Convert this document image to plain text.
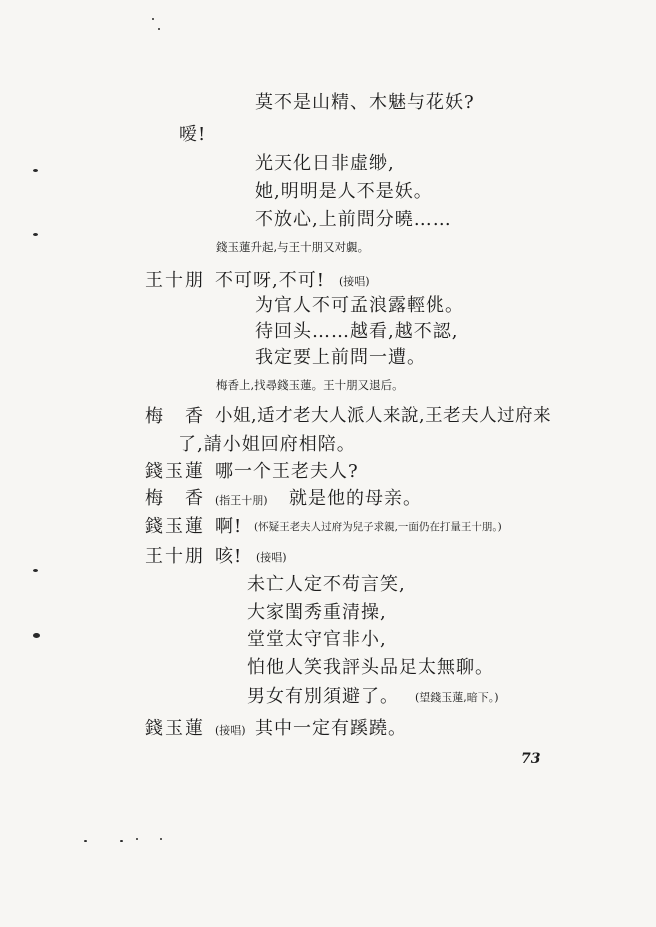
莫不是山精、木魅与花妖?
嗳!
光天化日非虛缈,
她,明明是人不是妖。
不放心,上前問分曉……
錢玉蓮升起,与王十朋又对覷。
王十朋 不可呀,不可! (接唱)
为官人不可孟浪露輕佻。
待回头……越看,越不認,
我定要上前問一遭。
梅香上,找尋錢玉蓮。王十朋又退后。
梅　香 小姐,适才老大人派人来說,王老夫人过府来
了,請小姐回府相陪。
錢玉蓮 哪一个王老夫人?
梅　香 (指王十朋) 就是他的母亲。
錢玉蓮 啊! (怀疑王老夫人过府为兒子求親,一面仍在打量王十朋。)
王十朋 咳! (接唱)
未亡人定不苟言笑,
大家閨秀重清操,
堂堂太守官非小,
怕他人笑我評头品足太無聊。
男女有別須避了。 (望錢玉蓮,暗下。)
錢玉蓮 (接唱) 其中一定有蹊蹺。
73
